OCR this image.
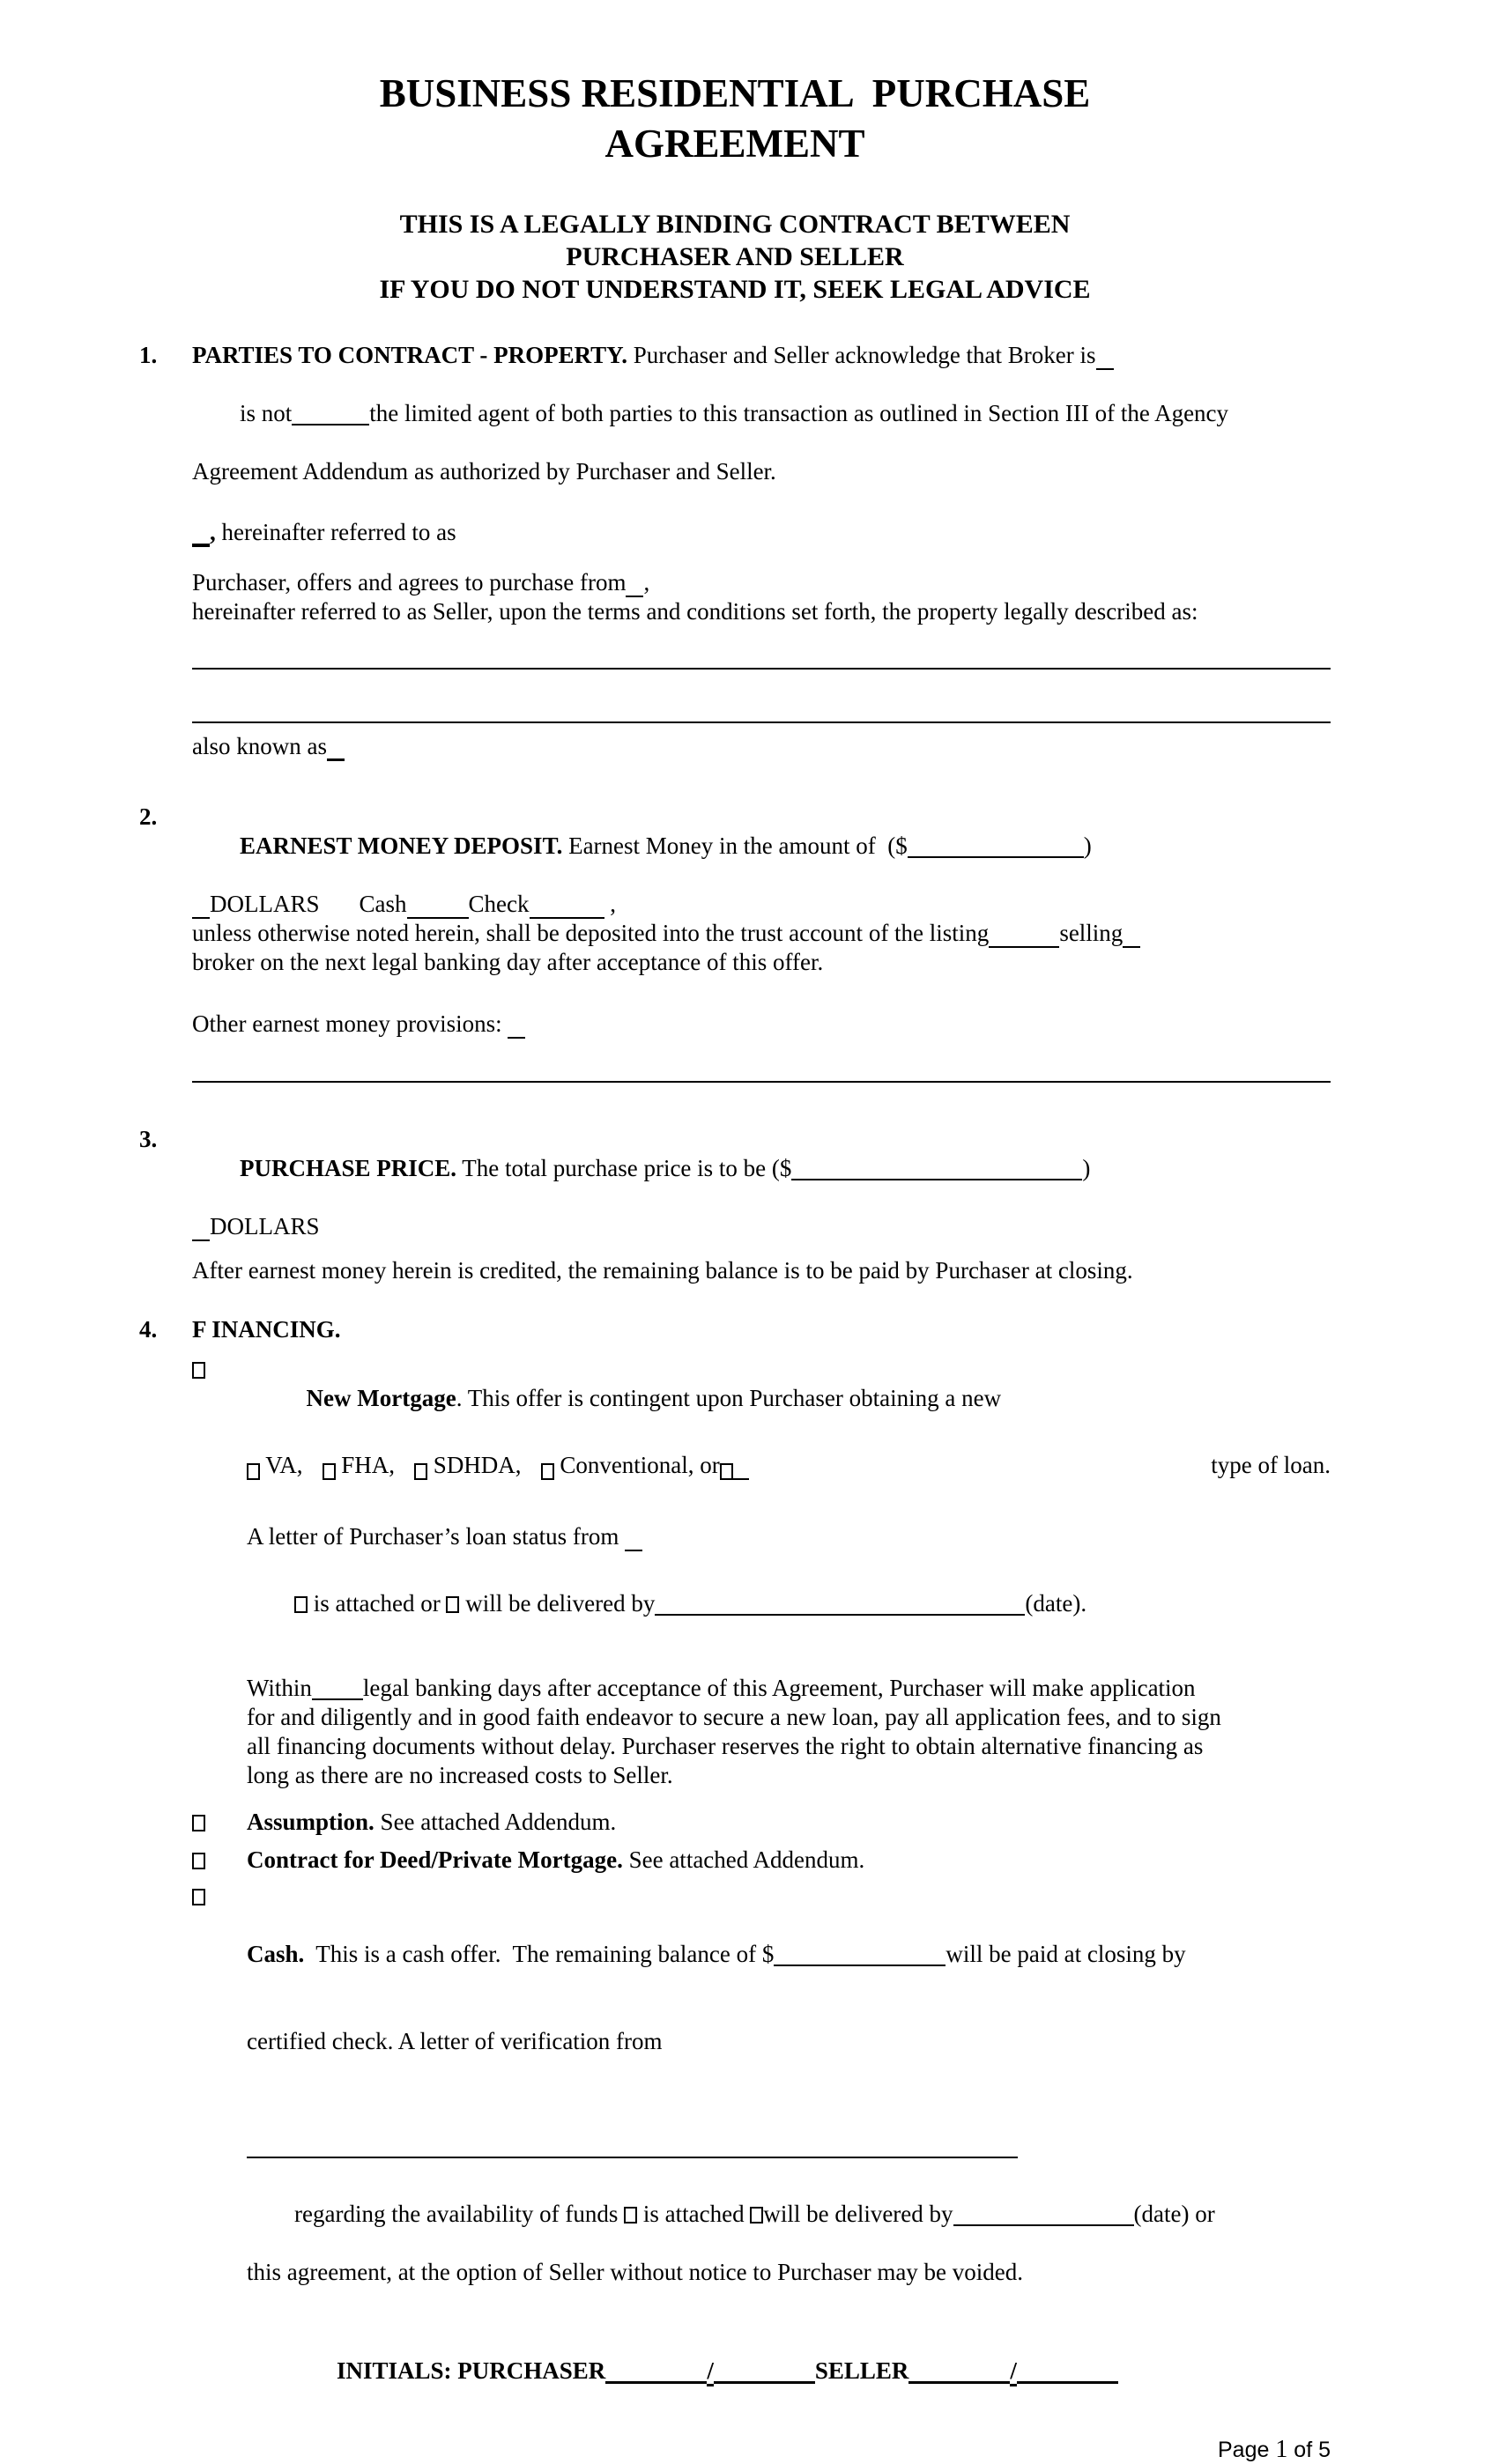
BUSINESS RESIDENTIAL  PURCHASE
AGREEMENT
THIS IS A LEGALLY BINDING CONTRACT BETWEEN
PURCHASER AND SELLER
IF YOU DO NOT UNDERSTAND IT, SEEK LEGAL ADVICE
1.	PARTIES TO CONTRACT - PROPERTY. Purchaser and Seller acknowledge that Broker is

is not	the limited agent of both parties to this transaction as outlined in Section III of the Agency

Agreement Addendum as authorized by Purchaser and Seller.
, hereinafter referred to as
Purchaser, offers and agrees to purchase from ,
hereinafter referred to as Seller, upon the terms and conditions set forth, the property legally described as:
also known as
2.

EARNEST MONEY DEPOSIT. Earnest Money in the amount of  ($	)

DOLLARS Cash	Check	,
unless otherwise noted herein, shall be deposited into the trust account of the listing	selling
broker on the next legal banking day after acceptance of this offer.
Other earnest money provisions:
3.

PURCHASE PRICE. The total purchase price is to be ($	)

DOLLARS
After earnest money herein is credited, the remaining balance is to be paid by Purchaser at closing.
4.	F INANCING.

New Mortgage. This offer is contingent upon Purchaser obtaining a new

VA, FHA, SDHDA, Conventional, or	type of loan.
A letter of Purchaser’s loan status from

is attached or  will be delivered by	(date).

Within legal banking days after acceptance of this Agreement, Purchaser will make application
for and diligently and in good faith endeavor to secure a new loan, pay all application fees, and to sign
all financing documents without delay. Purchaser reserves the right to obtain alternative financing as
long as there are no increased costs to Seller.
Assumption. See attached Addendum.
Contract for Deed/Private Mortgage. See attached Addendum.

Cash.  This is a cash offer.  The remaining balance of $	will be paid at closing by

certified check. A letter of verification from

regarding the availability of funds  is attached will be delivered by	(date) or

this agreement, at the option of Seller without notice to Purchaser may be voided.

INITIALS: PURCHASER	/	SELLER	/

Page 1 of 5
